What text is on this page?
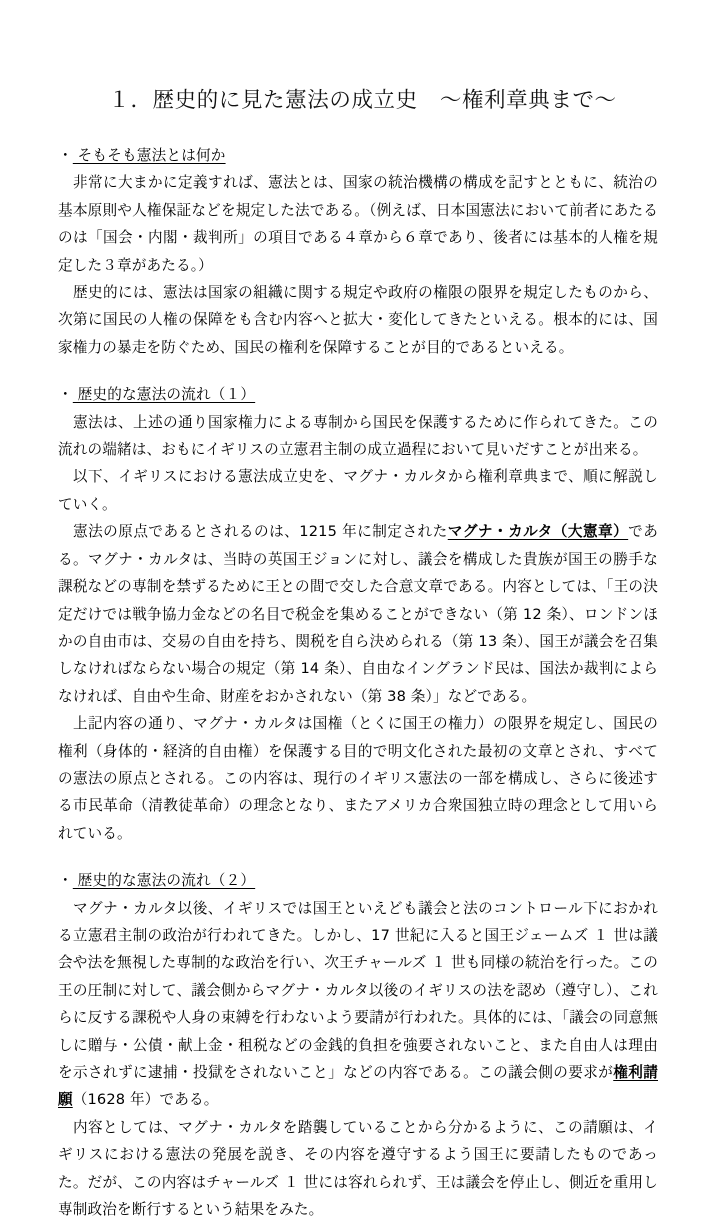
１．歴史的に見た憲法の成立史　〜権利章典まで〜
・ そもそも憲法とは何か

非常に大まかに定義すれば、憲法とは、国家の統治機構の構成を記すとともに、統治の基本原則や人権保証などを規定した法である。（例えば、日本国憲法において前者にあたるのは「国会・内閣・裁判所」の項目である４章から６章であり、後者には基本的人権を規定した３章があたる。）

歴史的には、憲法は国家の組織に関する規定や政府の権限の限界を規定したものから、次第に国民の人権の保障をも含む内容へと拡大・変化してきたといえる。根本的には、国家権力の暴走を防ぐため、国民の権利を保障することが目的であるといえる。

・ 歴史的な憲法の流れ（１）

憲法は、上述の通り国家権力による専制から国民を保護するために作られてきた。この流れの端緒は、おもにイギリスの立憲君主制の成立過程において見いだすことが出来る。

以下、イギリスにおける憲法成立史を、マグナ・カルタから権利章典まで、順に解説していく。

憲法の原点であるとされるのは、1215 年に制定されたマグナ・カルタ（大憲章）である。マグナ・カルタは、当時の英国王ジョンに対し、議会を構成した貴族が国王の勝手な課税などの専制を禁ずるために王との間で交した合意文章である。内容としては、「王の決定だけでは戦争協力金などの名目で税金を集めることができない（第 12 条）、ロンドンほかの自由市は、交易の自由を持ち、関税を自ら決められる（第 13 条）、国王が議会を召集しなければならない場合の規定（第 14 条）、自由なイングランド民は、国法か裁判によらなければ、自由や生命、財産をおかされない（第 38 条）」などである。

上記内容の通り、マグナ・カルタは国権（とくに国王の権力）の限界を規定し、国民の権利（身体的・経済的自由権）を保護する目的で明文化された最初の文章とされ、すべての憲法の原点とされる。この内容は、現行のイギリス憲法の一部を構成し、さらに後述する市民革命（清教徒革命）の理念となり、またアメリカ合衆国独立時の理念として用いられている。

・ 歴史的な憲法の流れ（２）

マグナ・カルタ以後、イギリスでは国王といえども議会と法のコントロール下におかれる立憲君主制の政治が行われてきた。しかし、17 世紀に入ると国王ジェームズ １ 世は議会や法を無視した専制的な政治を行い、次王チャールズ １ 世も同様の統治を行った。この王の圧制に対して、議会側からマグナ・カルタ以後のイギリスの法を認め（遵守し）、これらに反する課税や人身の束縛を行わないよう要請が行われた。具体的には、「議会の同意無しに贈与・公債・献上金・租税などの金銭的負担を強要されないこと、また自由人は理由を示されずに逮捕・投獄をされないこと」などの内容である。この議会側の要求が権利請願（1628 年）である。

内容としては、マグナ・カルタを踏襲していることから分かるように、この請願は、イギリスにおける憲法の発展を説き、その内容を遵守するよう国王に要請したものであった。だが、この内容はチャールズ １ 世には容れられず、王は議会を停止し、側近を重用し専制政治を断行するという結果をみた。
